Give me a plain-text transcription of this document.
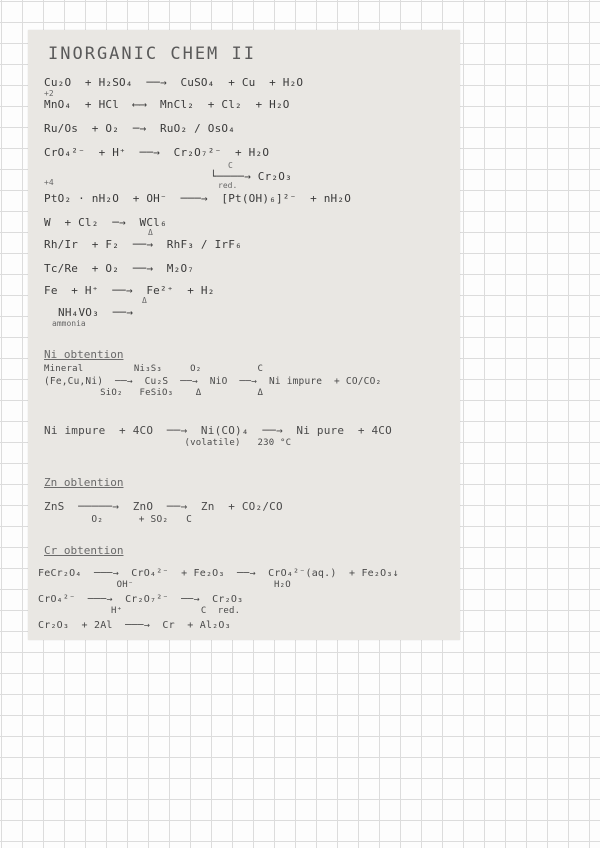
INORGANIC CHEM II
Cu₂O  + H₂SO₄  ──→  CuSO₄  + Cu  + H₂O
+2
MnO₄  + HCl  ⟵⟶  MnCl₂  + Cl₂  + H₂O
Ru/Os  + O₂  ─→  RuO₂ / OsO₄
CrO₄²⁻  + H⁺  ──→  Cr₂O₇²⁻  + H₂O
C
└────→ Cr₂O₃
red.
+4
PtO₂ · nH₂O  + OH⁻  ───→  [Pt(OH)₆]²⁻  + nH₂O
W  + Cl₂  ─→  WCl₆
Δ
Rh/Ir  + F₂  ──→  RhF₃ / IrF₆
Tc/Re  + O₂  ──→  M₂O₇
Fe  + H⁺  ──→  Fe²⁺  + H₂
Δ
NH₄VO₃  ──→
ammonia
Ni obtention
Mineral         Ni₃S₃     O₂          C
(Fe,Cu,Ni)  ──→  Cu₂S  ──→  NiO  ──→  Ni impure  + CO/CO₂
SiO₂   FeSiO₃    Δ          Δ
Ni impure  + 4CO  ──→  Ni(CO)₄  ──→  Ni pure  + 4CO
(volatile)   230 °C
Zn oblention
ZnS  ─────→  ZnO  ──→  Zn  + CO₂/CO
O₂      + SO₂   C
Cr obtention
FeCr₂O₄  ───→  CrO₄²⁻  + Fe₂O₃  ──→  CrO₄²⁻(aq.)  + Fe₂O₃↓
OH⁻                         H₂O
CrO₄²⁻  ───→  Cr₂O₇²⁻  ──→  Cr₂O₃
H⁺              C  red.
Cr₂O₃  + 2Al  ───→  Cr  + Al₂O₃
